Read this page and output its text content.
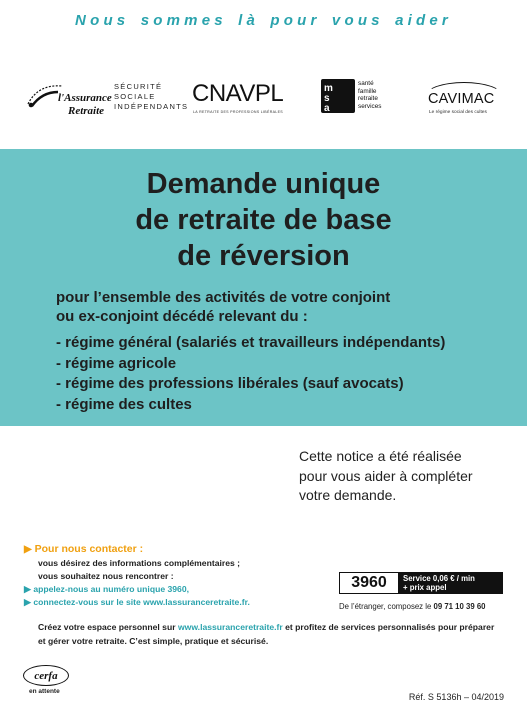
Nous sommes là pour vous aider
l'Assurance
Retraite
SÉCURITÉ
SOCIALE
INDÉPENDANTS CNAVPL
LA RETRAITE DES PROFESSIONS LIBÉRALES
m
s
a
santé
famille
retraite
services	CAVIMAC
Le régime social des cultes
Demande unique
de retraite de base
de réversion
pour l’ensemble des activités de votre conjoint
ou ex-conjoint décédé relevant du :
- régime général (salariés et travailleurs indépendants)
- régime agricole
- régime des professions libérales (sauf avocats)
- régime des cultes
Cette notice a été réalisée
pour vous aider à compléter
votre demande.
▶ Pour nous contacter :
vous désirez des informations complémentaires ;
vous souhaitez nous rencontrer :
▶ appelez-nous au numéro unique 3960,
▶ connectez-vous sur le site www.lassuranceretraite.fr.
3960	Service 0,06 € / min
+ prix appel
De l’étranger, composez le 09 71 10 39 60
Créez votre espace personnel sur www.lassuranceretraite.fr et profitez de services personnalisés pour préparer et gérer votre retraite. C’est simple, pratique et sécurisé.
cerfa
en attente
Réf. S 5136h – 04/2019
